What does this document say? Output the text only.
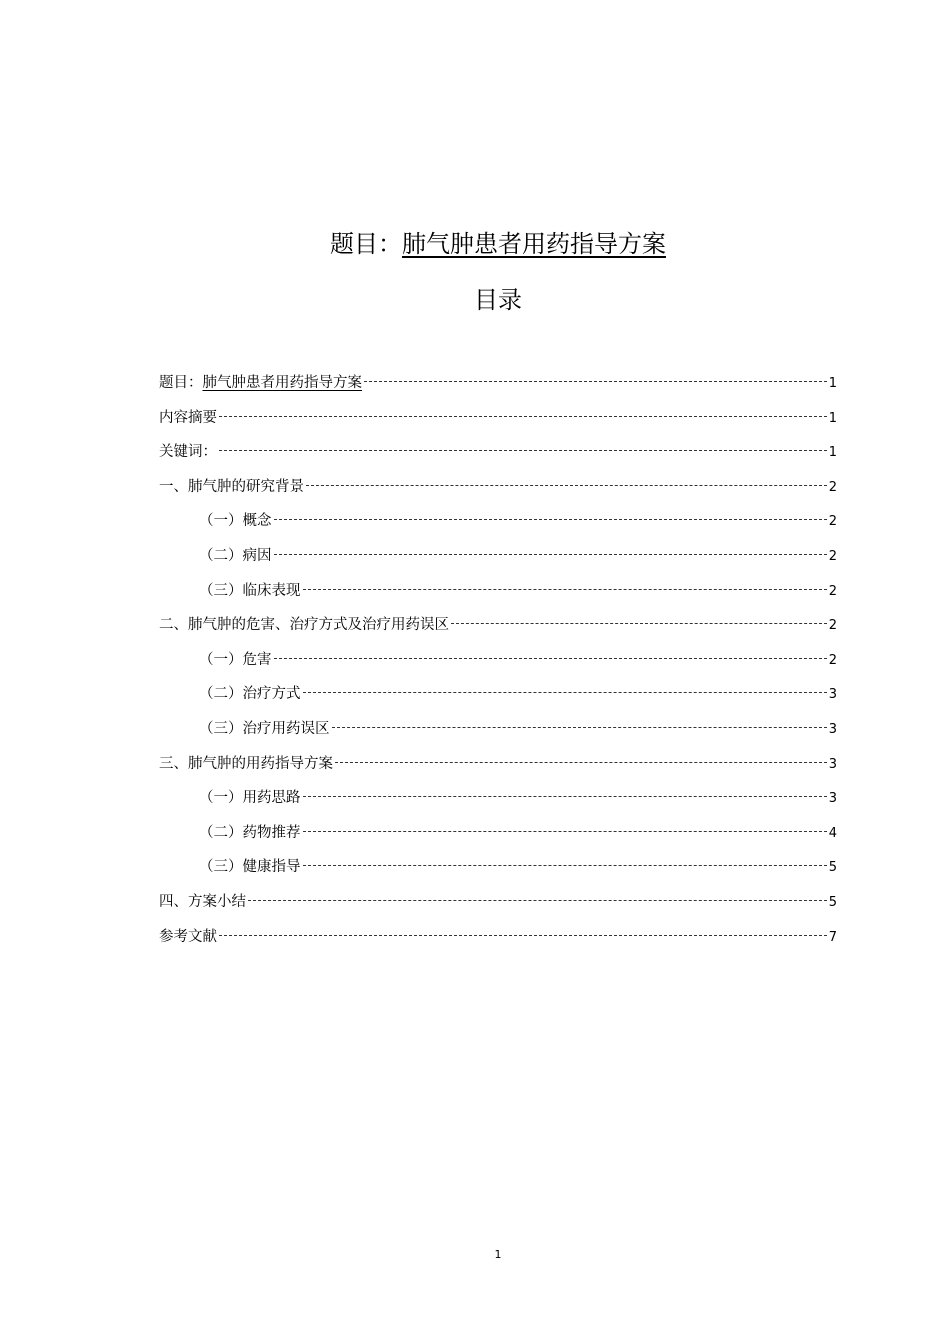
题目：肺气肿患者用药指导方案
目录
题目： 肺气肿患者用药指导方案	1
内容摘要	1
关键词：	1
一、肺气肿的研究背景	2
（一）概念	2
（二）病因	2
（三）临床表现	2
二、肺气肿的危害、治疗方式及治疗用药误区	2
（一）危害	2
（二）治疗方式	3
（三）治疗用药误区	3
三、肺气肿的用药指导方案	3
（一）用药思路	3
（二）药物推荐	4
（三）健康指导	5
四、方案小结	5
参考文献	7
1
